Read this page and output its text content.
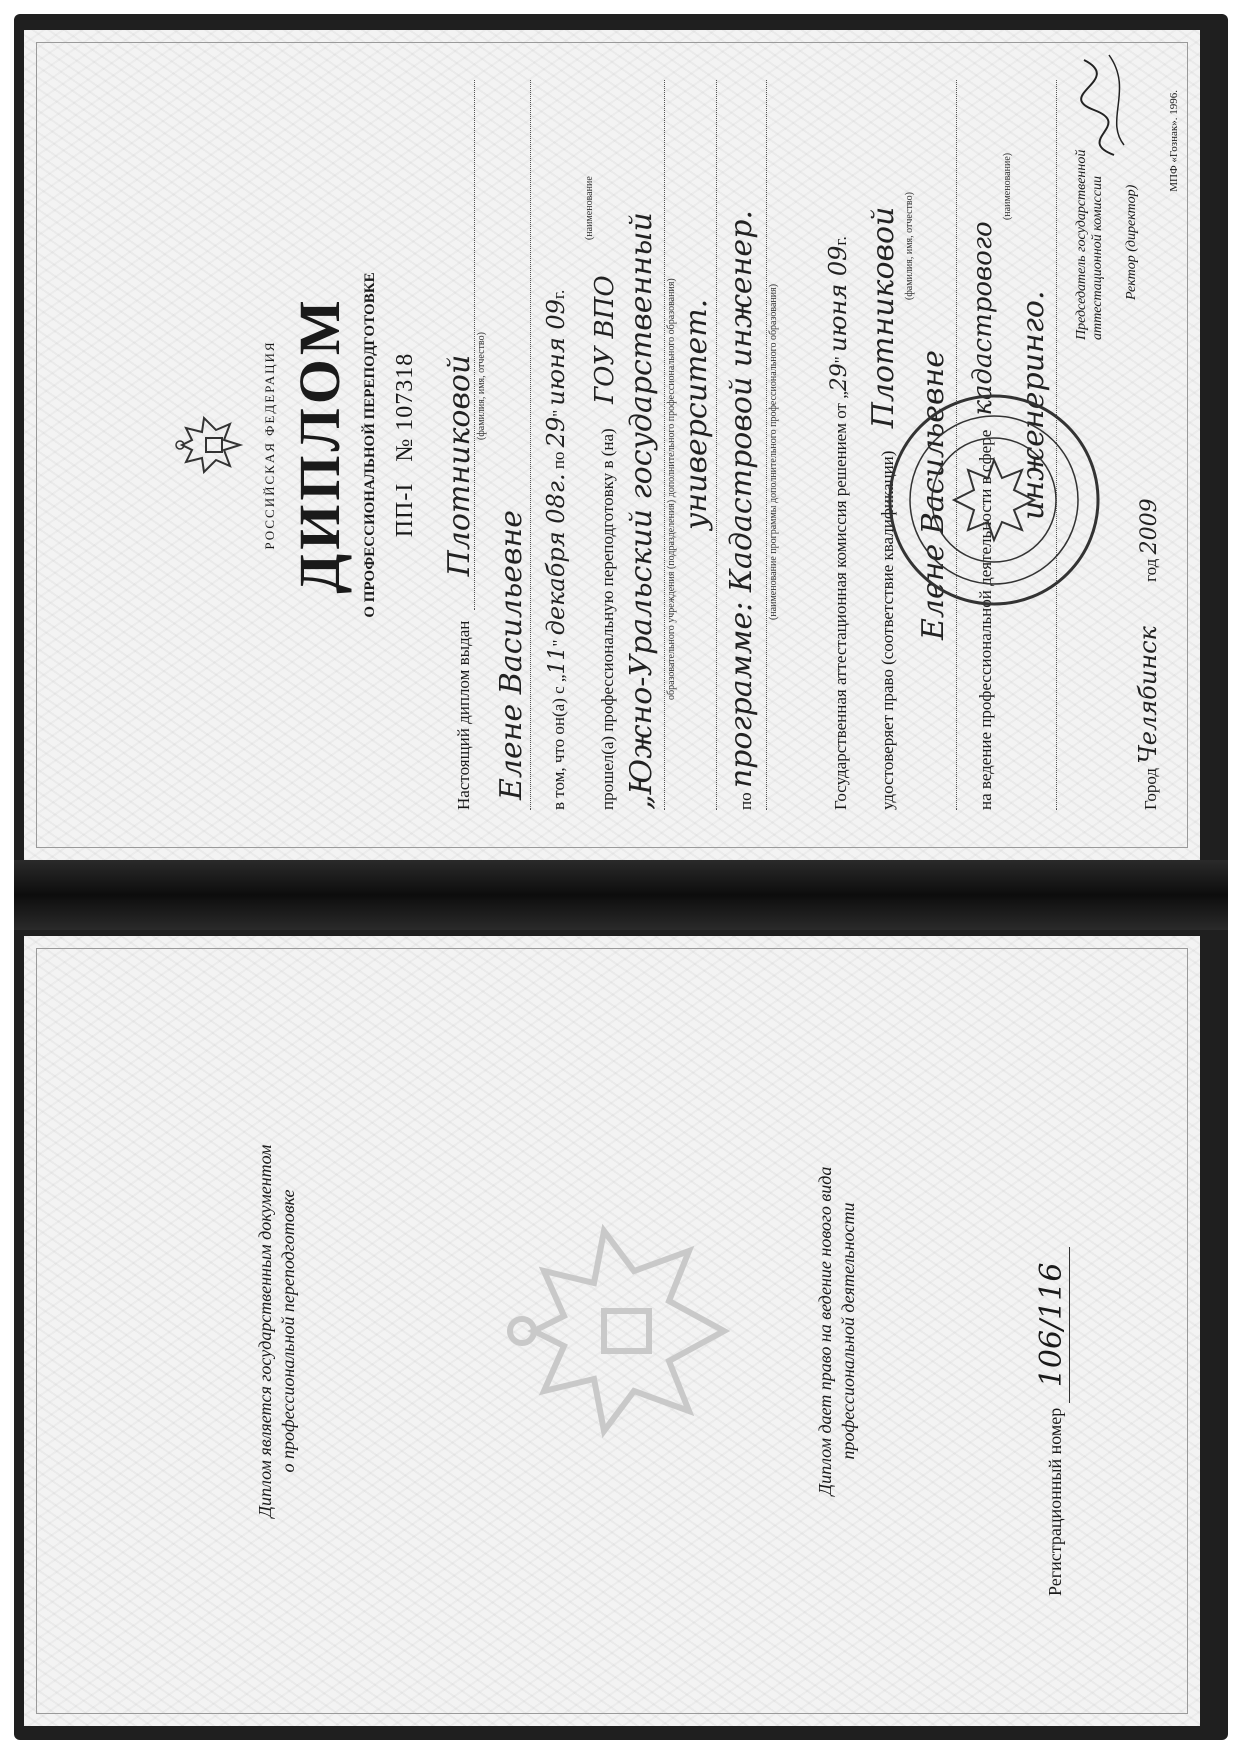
РОССИЙСКАЯ ФЕДЕРАЦИЯ ДИПЛОМ О ПРОФЕССИОНАЛЬНОЙ ПЕРЕПОДГОТОВКЕ ПП-I   № 107318
Настоящий диплом выдан Плотниковой (фамилия, имя, отчество)
Елене Васильевне	в том, что он(а) с „11" декабря 08г. по 29" июня 09г.
прошел(а) профессиональную переподготовку в (на) ГОУ ВПО
(наименование
„Южно-Уральский государственный образовательного учреждения (подразделения) дополнительного профессионального образования) университет.
по программе: Кадастровой инженер. (наименование программы дополнительного профессионального образования)	Государственная аттестационная комиссия решением от „29" июня 09г.
удостоверяет право (соответствие квалификации) Плотниковой (фамилия, имя, отчество)
Елене Васильевне	на ведение профессиональной деятельности в сфере кадастрового
(наименование)
инженеринго.
Председатель государственной аттестационной комиссии Ректор (директор)
Город Челябинск год 2009
МПФ «Гознак». 1996.
Диплом является государственным документом о профессиональной переподготовке	Диплом дает право на ведение нового вида профессиональной деятельности
Регистрационный номер 106/116
